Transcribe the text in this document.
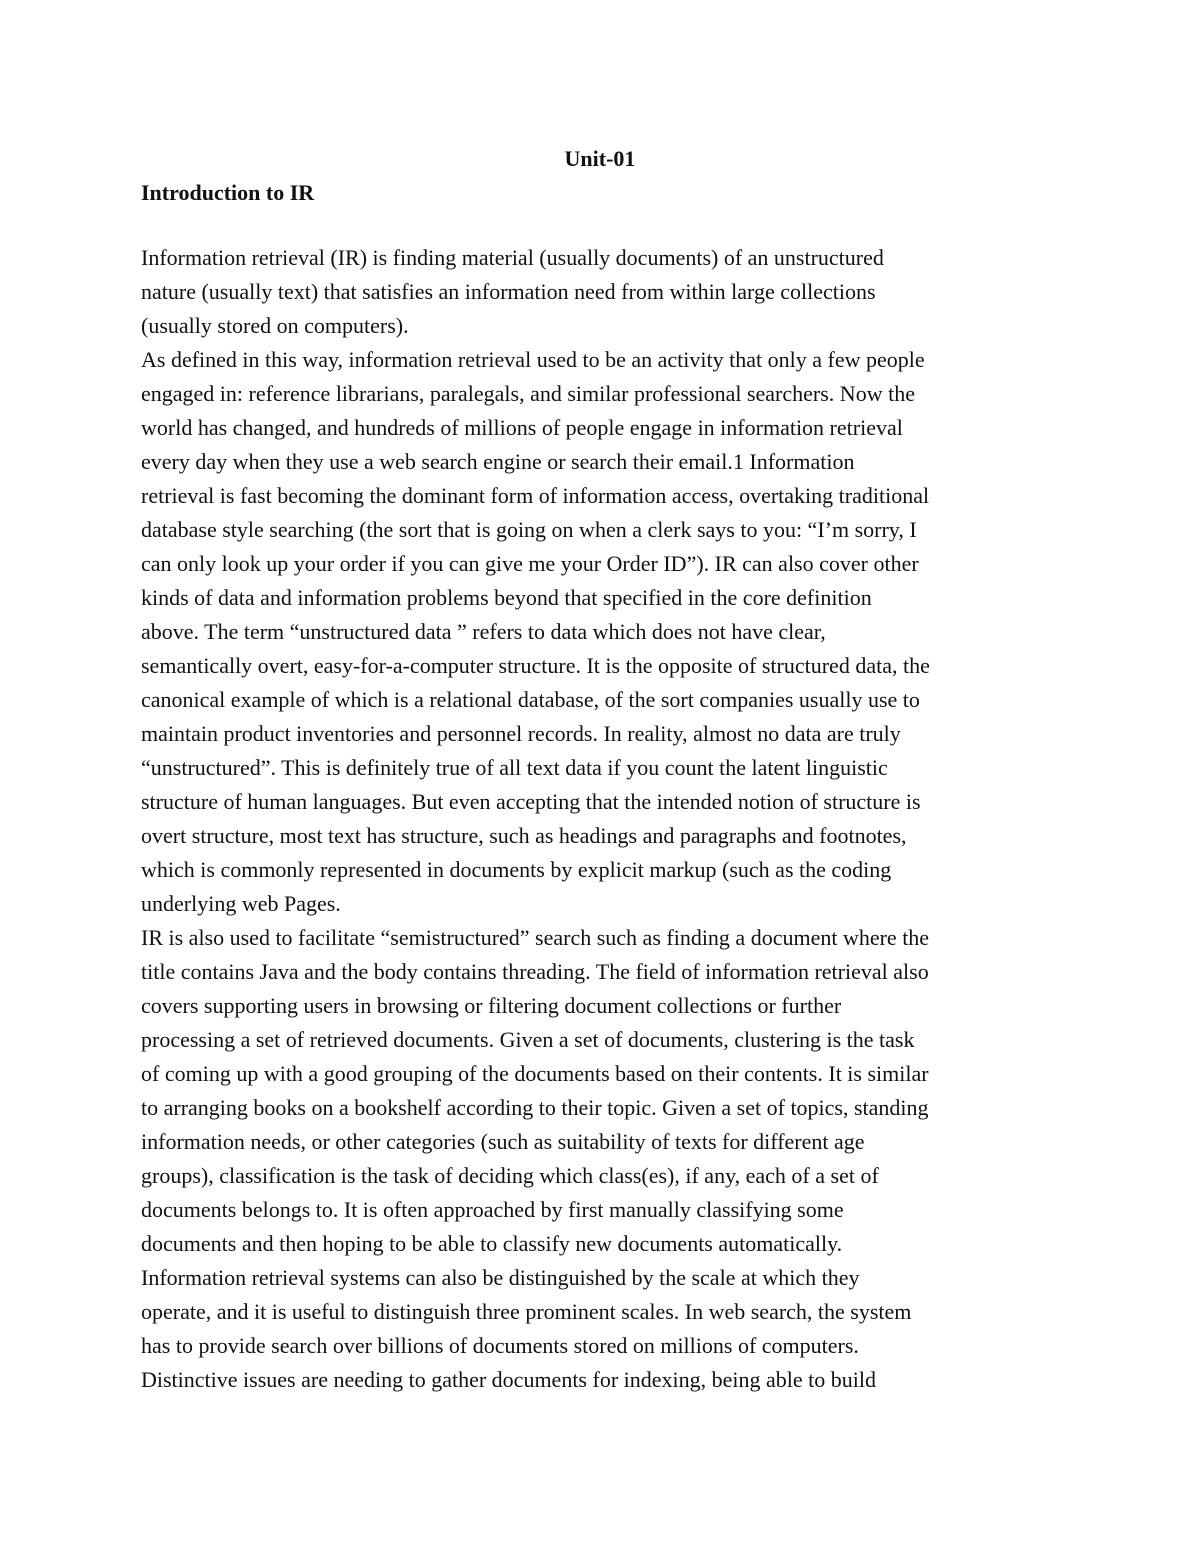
Unit-01
Introduction to IR
Information retrieval (IR) is finding material (usually documents) of an unstructured
nature (usually text) that satisfies an information need from within large collections
(usually stored on computers).
As defined in this way, information retrieval used to be an activity that only a few people
engaged in: reference librarians, paralegals, and similar professional searchers. Now the
world has changed, and hundreds of millions of people engage in information retrieval
every day when they use a web search engine or search their email.1 Information
retrieval is fast becoming the dominant form of information access, overtaking traditional
database style searching (the sort that is going on when a clerk says to you: “I’m sorry, I
can only look up your order if you can give me your Order ID”). IR can also cover other
kinds of data and information problems beyond that specified in the core definition
above. The term “unstructured data ” refers to data which does not have clear,
semantically overt, easy-for-a-computer structure. It is the opposite of structured data, the
canonical example of which is a relational database, of the sort companies usually use to
maintain product inventories and personnel records. In reality, almost no data are truly
“unstructured”. This is definitely true of all text data if you count the latent linguistic
structure of human languages. But even accepting that the intended notion of structure is
overt structure, most text has structure, such as headings and paragraphs and footnotes,
which is commonly represented in documents by explicit markup (such as the coding
underlying web Pages.
IR is also used to facilitate “semistructured” search such as finding a document where the
title contains Java and the body contains threading. The field of information retrieval also
covers supporting users in browsing or filtering document collections or further
processing a set of retrieved documents. Given a set of documents, clustering is the task
of coming up with a good grouping of the documents based on their contents. It is similar
to arranging books on a bookshelf according to their topic. Given a set of topics, standing
information needs, or other categories (such as suitability of texts for different age
groups), classification is the task of deciding which class(es), if any, each of a set of
documents belongs to. It is often approached by first manually classifying some
documents and then hoping to be able to classify new documents automatically.
Information retrieval systems can also be distinguished by the scale at which they
operate, and it is useful to distinguish three prominent scales. In web search, the system
has to provide search over billions of documents stored on millions of computers.
Distinctive issues are needing to gather documents for indexing, being able to build
